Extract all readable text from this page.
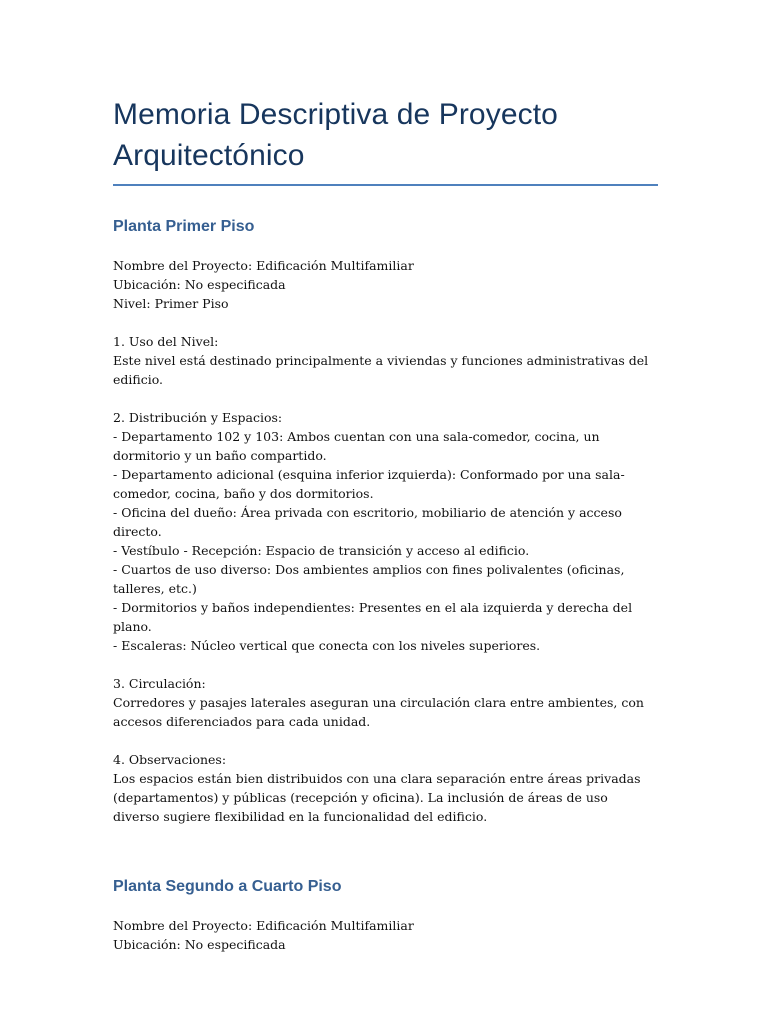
Memoria Descriptiva de Proyecto Arquitectónico
Planta Primer Piso

Nombre del Proyecto: Edificación Multifamiliar

Ubicación: No especificada

Nivel: Primer Piso

1. Uso del Nivel:

Este nivel está destinado principalmente a viviendas y funciones administrativas del edificio.

2. Distribución y Espacios:

- Departamento 102 y 103: Ambos cuentan con una sala-comedor, cocina, un dormitorio y un baño compartido.

- Departamento adicional (esquina inferior izquierda): Conformado por una sala-comedor, cocina, baño y dos dormitorios.

- Oficina del dueño: Área privada con escritorio, mobiliario de atención y acceso directo.

- Vestíbulo - Recepción: Espacio de transición y acceso al edificio.

- Cuartos de uso diverso: Dos ambientes amplios con fines polivalentes (oficinas, talleres, etc.)

- Dormitorios y baños independientes: Presentes en el ala izquierda y derecha del plano.

- Escaleras: Núcleo vertical que conecta con los niveles superiores.

3. Circulación:

Corredores y pasajes laterales aseguran una circulación clara entre ambientes, con accesos diferenciados para cada unidad.

4. Observaciones:

Los espacios están bien distribuidos con una clara separación entre áreas privadas (departamentos) y públicas (recepción y oficina). La inclusión de áreas de uso diverso sugiere flexibilidad en la funcionalidad del edificio.

Planta Segundo a Cuarto Piso

Nombre del Proyecto: Edificación Multifamiliar

Ubicación: No especificada
